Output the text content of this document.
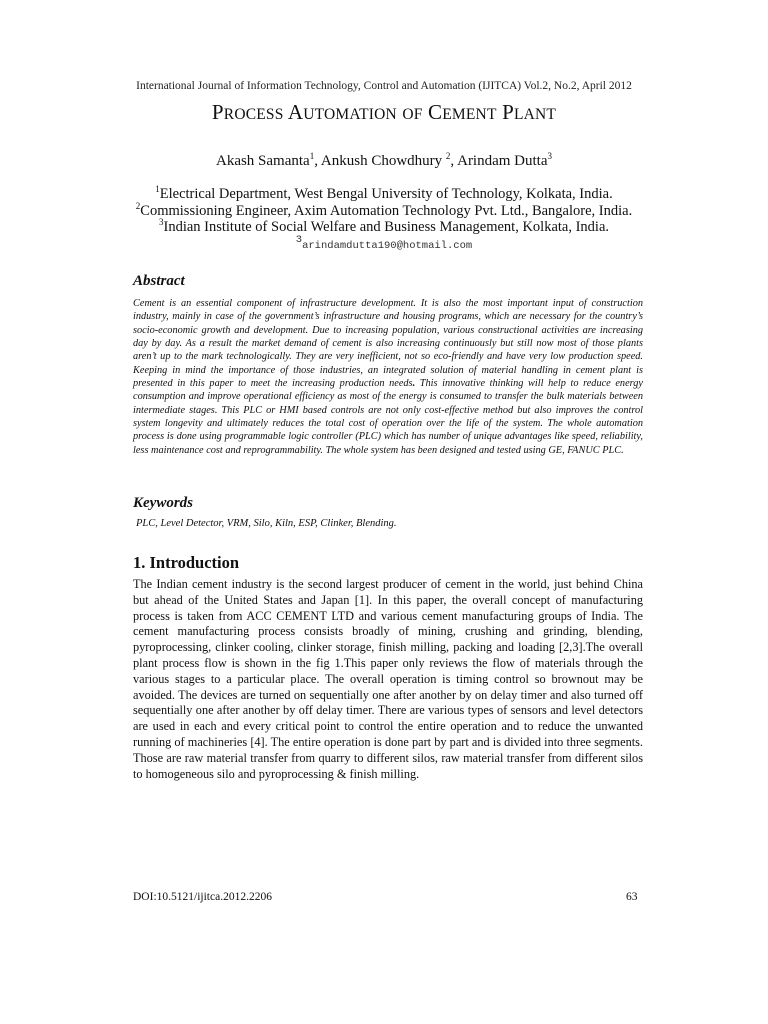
International Journal of Information Technology, Control and Automation (IJITCA) Vol.2, No.2, April 2012
PROCESS AUTOMATION OF CEMENT PLANT
Akash Samanta$^1$, Ankush Chowdhury $^2$, Arindam Dutta$^3$
$^1$Electrical Department, West Bengal University of Technology, Kolkata, India.
$^2$Commissioning Engineer, Axim Automation Technology Pvt. Ltd., Bangalore, India.
$^3$Indian Institute of Social Welfare and Business Management, Kolkata, India.
$^3$arindamdutta190@hotmail.com
Abstract
Cement is an essential component of infrastructure development. It is also the most important input of construction industry, mainly in case of the government’s infrastructure and housing programs, which are necessary for the country’s socio-economic growth and development. Due to increasing population, various constructional activities are increasing day by day. As a result the market demand of cement is also increasing continuously but still now most of those plants aren’t up to the mark technologically. They are very inefficient, not so eco-friendly and have very low production speed. Keeping in mind the importance of those industries, an integrated solution of material handling in cement plant is presented in this paper to meet the increasing production needs. This innovative thinking will help to reduce energy consumption and improve operational efficiency as most of the energy is consumed to transfer the bulk materials between intermediate stages. This PLC or HMI based controls are not only cost-effective method but also improves the control system longevity and ultimately reduces the total cost of operation over the life of the system. The whole automation process is done using programmable logic controller (PLC) which has number of unique advantages like speed, reliability, less maintenance cost and reprogrammability. The whole system has been designed and tested using GE, FANUC PLC.
Keywords
PLC, Level Detector, VRM, Silo, Kiln, ESP, Clinker, Blending.
1. Introduction
The Indian cement industry is the second largest producer of cement in the world, just behind China but ahead of the United States and Japan [1]. In this paper, the overall concept of manufacturing process is taken from ACC CEMENT LTD and various cement manufacturing groups of India. The cement manufacturing process consists broadly of mining, crushing and grinding, blending, pyroprocessing, clinker cooling, clinker storage, finish milling, packing and loading [2,3].The overall plant process flow is shown in the fig 1.This paper only reviews the flow of materials through the various stages to a particular place. The overall operation is timing control so brownout may be avoided. The devices are turned on sequentially one after another by on delay timer and also turned off sequentially one after another by off delay timer. There are various types of sensors and level detectors are used in each and every critical point to control the entire operation and to reduce the unwanted running of machineries [4]. The entire operation is done part by part and is divided into three segments. Those are raw material transfer from quarry to different silos, raw material transfer from different silos to homogeneous silo and pyroprocessing & finish milling.
DOI:10.5121/ijitca.2012.2206	63
